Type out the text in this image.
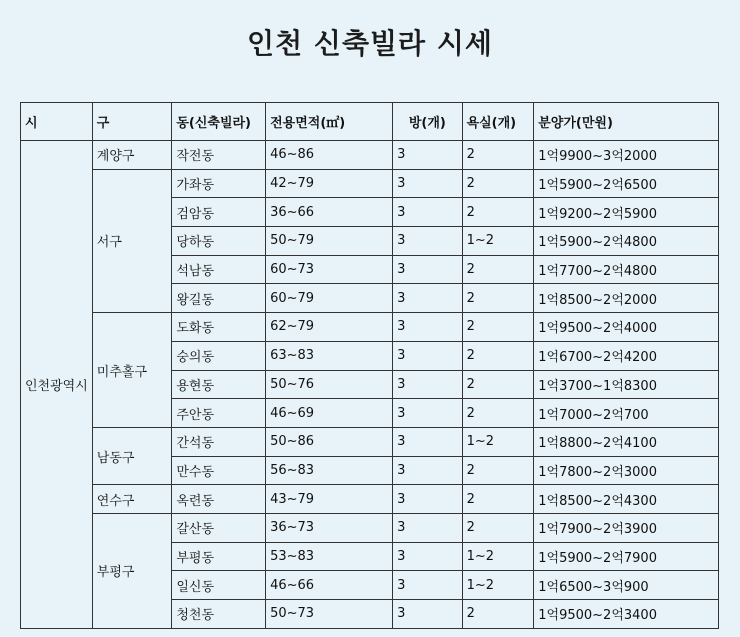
인천 신축빌라 시세
시	구	동(신축빌라)	전용면적(㎡)	방(개)	욕실(개)	분양가(만원)
인천광역시	계양구	작전동	46~86	3	2	1억9900~3억2000
	서구	가좌동	42~79	3	2	1억5900~2억6500
		검암동	36~66	3	2	1억9200~2억5900
		당하동	50~79	3	1~2	1억5900~2억4800
		석남동	60~73	3	2	1억7700~2억4800
		왕길동	60~79	3	2	1억8500~2억2000
	미추홀구	도화동	62~79	3	2	1억9500~2억4000
		숭의동	63~83	3	2	1억6700~2억4200
		용현동	50~76	3	2	1억3700~1억8300
		주안동	46~69	3	2	1억7000~2억700
	남동구	간석동	50~86	3	1~2	1억8800~2억4100
		만수동	56~83	3	2	1억7800~2억3000
	연수구	옥련동	43~79	3	2	1억8500~2억4300
	부평구	갈산동	36~73	3	2	1억7900~2억3900
		부평동	53~83	3	1~2	1억5900~2억7900
		일신동	46~66	3	1~2	1억6500~3억900
		청천동	50~73	3	2	1억9500~2억3400
